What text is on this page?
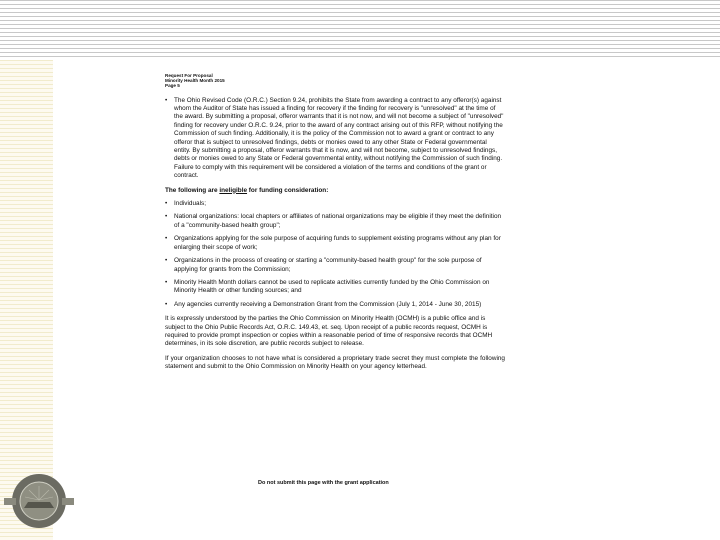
Request For Proposal
Minority Health Month 2015
Page 5
• The Ohio Revised Code (O.R.C.) Section 9.24, prohibits the State from awarding a contract to any offeror(s) against whom the Auditor of State has issued a finding for recovery if the finding for recovery is "unresolved" at the time of the award. By submitting a proposal, offeror warrants that it is not now, and will not become a subject of "unresolved" finding for recovery under O.R.C. 9.24, prior to the award of any contract arising out of this RFP, without notifying the Commission of such finding. Additionally, it is the policy of the Commission not to award a grant or contract to any offeror that is subject to unresolved findings, debts or monies owed to any other State or Federal governmental entity. By submitting a proposal, offeror warrants that it is now, and will not become, subject to unresolved findings, debts or monies owed to any State or Federal governmental entity, without notifying the Commission of such finding. Failure to comply with this requirement will be considered a violation of the terms and conditions of the grant or contract.
The following are ineligible for funding consideration:
• Individuals;
• National organizations: local chapters or affiliates of national organizations may be eligible if they meet the definition of a "community-based health group";
• Organizations applying for the sole purpose of acquiring funds to supplement existing programs without any plan for enlarging their scope of work;
• Organizations in the process of creating or starting a "community-based health group" for the sole purpose of applying for grants from the Commission;
• Minority Health Month dollars cannot be used to replicate activities currently funded by the Ohio Commission on Minority Health or other funding sources; and
• Any agencies currently receiving a Demonstration Grant from the Commission (July 1, 2014 - June 30, 2015)
It is expressly understood by the parties the Ohio Commission on Minority Health (OCMH) is a public office and is subject to the Ohio Public Records Act, O.R.C. 149.43, et. seq. Upon receipt of a public records request, OCMH is required to provide prompt inspection or copies within a reasonable period of time of responsive records that OCMH determines, in its sole discretion, are public records subject to release.
If your organization chooses to not have what is considered a proprietary trade secret they must complete the following statement and submit to the Ohio Commission on Minority Health on your agency letterhead.
Do not submit this page with the grant application
